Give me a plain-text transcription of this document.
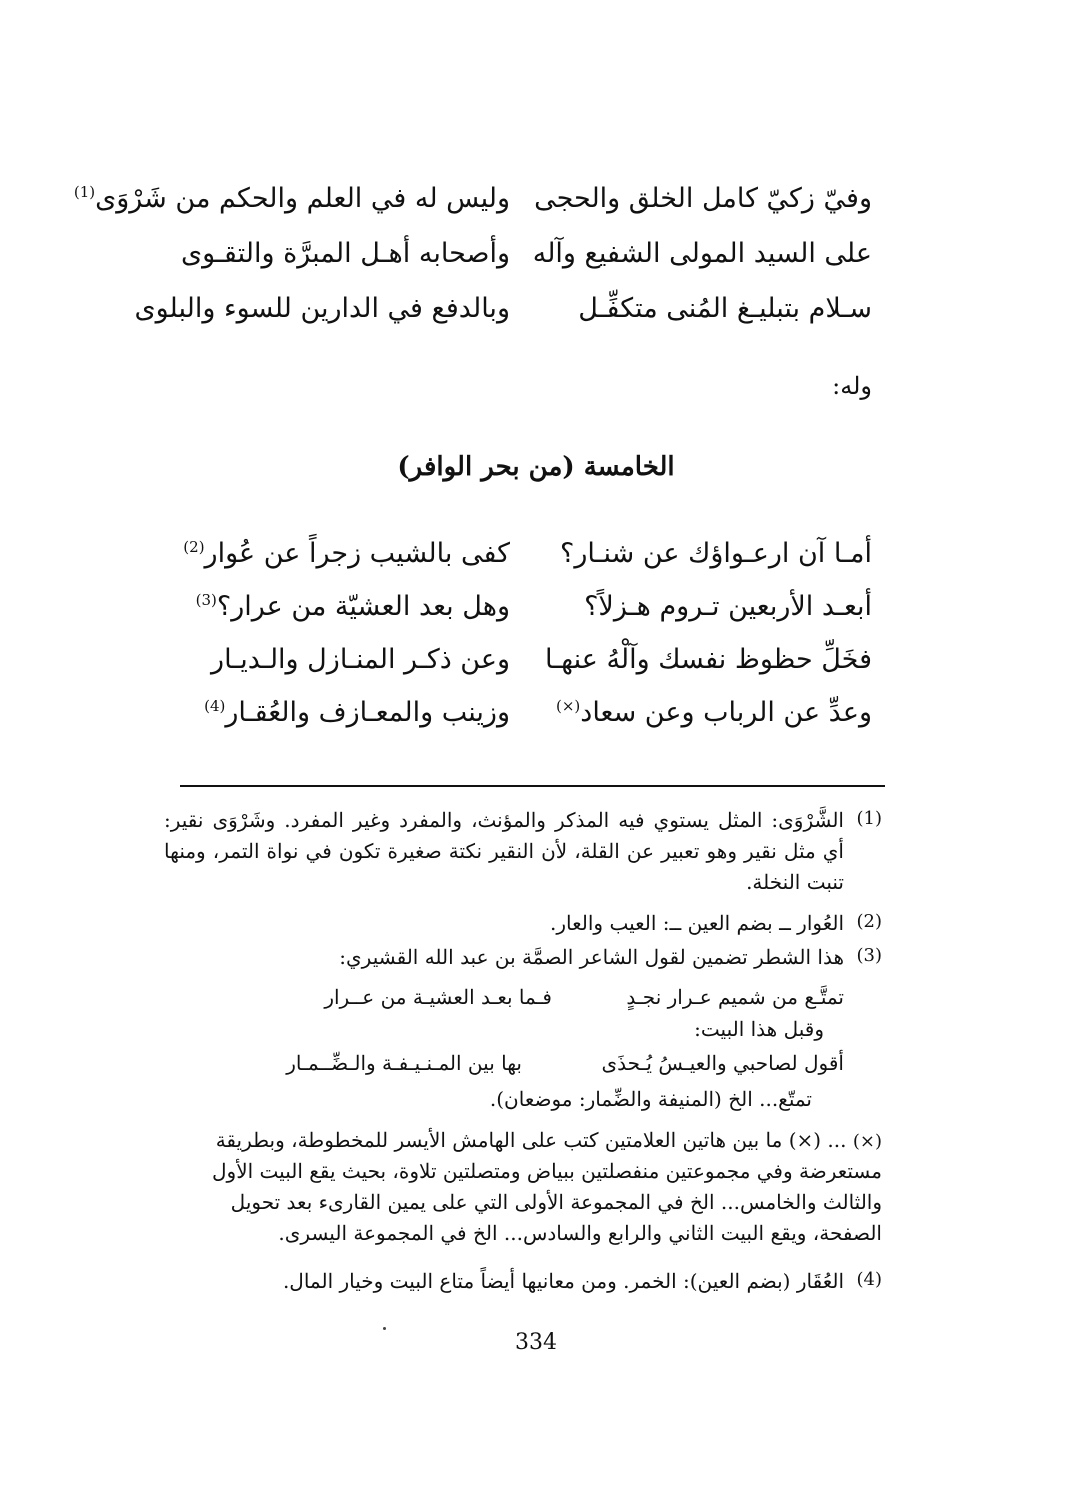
وفيّ زكيّ كامل الخلق والحجى
وليس له في العلم والحكم من شَرْوَى$^{(1)}$
على السيد المولى الشفيع وآله
وأصحابه أهـل المبرَّة والتقـوى
سـلام بتبليـغ المُنى متكفِّـل
وبالدفع في الدارين للسوء والبلوى
وله:
الخامسة (من بحر الوافر)
أمـا آن ارعـواؤك عن شنـار؟
كفى بالشيب زجراً عن عُوار$^{(2)}$
أبعـد الأربعين تـروم هـزلاً؟
وهل بعد العشيّة من عرار؟$^{(3)}$
فخَلِّ حظوظ نفسك وآلْهُ عنهـا
وعن ذكـر المنـازل والـديـار
وعدِّ عن الرباب وعن سعاد(×)
وزينب والمعـازف والعُقـار$^{(4)}$
(1)
الشَّرْوَى: المثل يستوي فيه المذكر والمؤنث، والمفرد وغير المفرد. وشَرْوَى نقير: أي مثل نقير وهو تعبير عن القلة، لأن النقير نكتة صغيرة تكون في نواة التمر، ومنها تنبت النخلة.
(2)
العُوار ــ بضم العين ــ: العيب والعار.
(3)
هذا الشطر تضمين لقول الشاعر الصمَّة بن عبد الله القشيري:
تمتَّـع من شميم عـرار نجـدٍ
فـما بعـد العشيـة من عــرار
وقبل هذا البيت:
أقول لصاحبي والعيـسُ يُـحذَى
بها بين المـنـيـفـة والـضِّــمـار
تمتّع... الخ (المنيفة والضِّمار: موضعان).
(×) ... (×) ما بين هاتين العلامتين كتب على الهامش الأيسر للمخطوطة، وبطريقة مستعرضة وفي مجموعتين منفصلتين ببياض ومتصلتين تلاوة، بحيث يقع البيت الأول والثالث والخامس... الخ في المجموعة الأولى التي على يمين القارىء بعد تحويل الصفحة، ويقع البيت الثاني والرابع والسادس... الخ في المجموعة اليسرى.
(4)
العُقَار (بضم العين): الخمر. ومن معانيها أيضاً متاع البيت وخيار المال.
334
